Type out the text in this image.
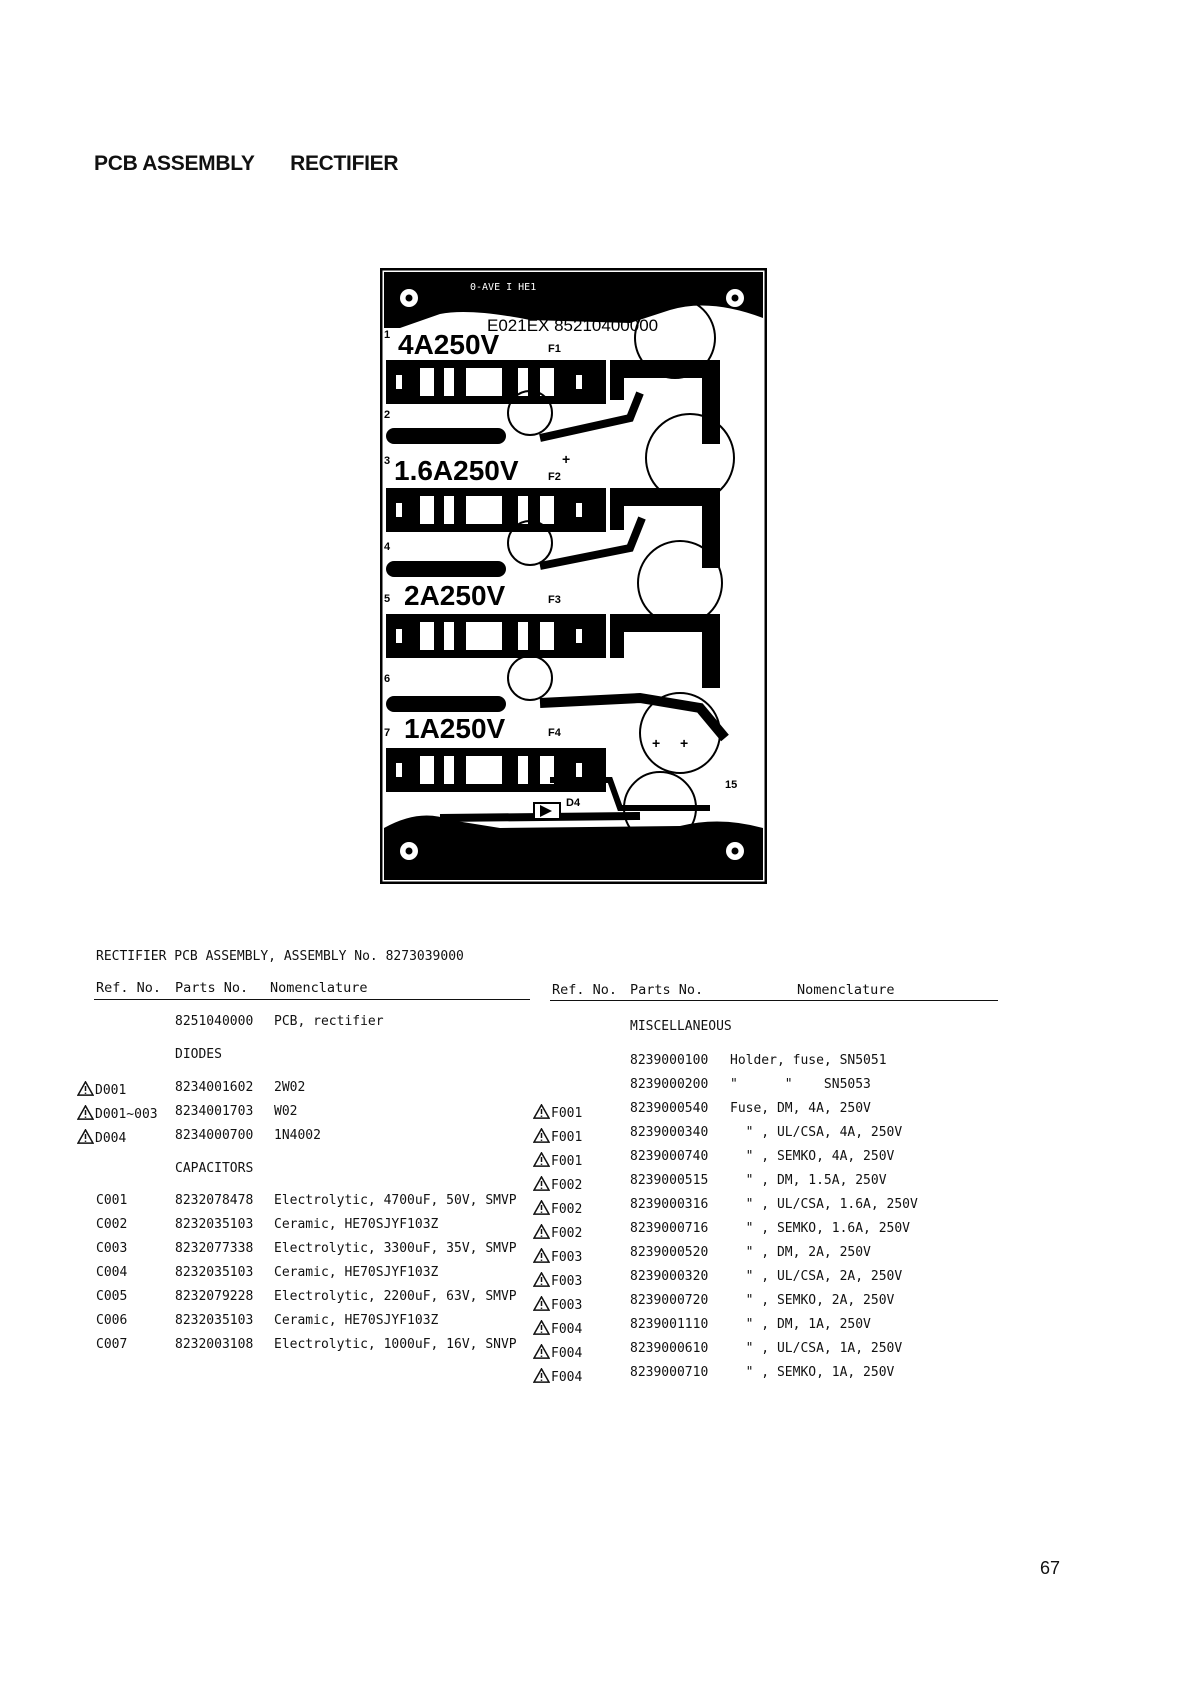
PCB ASSEMBLY RECTIFIER
0-AVE I HE1
E021EX 85210400000
4A250V	F1
1.6A250V	F2
2A250V	F3
1A250V	F4
D4
1
2
3
4
5
6
7
8
15
+
+
+ +
RECTIFIER PCB ASSEMBLY, ASSEMBLY No. 8273039000
Ref. No. Parts No. Nomenclature	Ref. No. Parts No.	Nomenclature
MISCELLANEOUS
8251040000 PCB, rectifier
DIODES
D001	8234001602 2W02
D001~003 8234001703 W02
D004	8234000700 1N4002
CAPACITORS
C001	8232078478 Electrolytic, 4700uF, 50V, SMVP
C002	8232035103 Ceramic, HE70SJYF103Z
C003	8232077338 Electrolytic, 3300uF, 35V, SMVP
C004	8232035103 Ceramic, HE70SJYF103Z
C005	8232079228 Electrolytic, 2200uF, 63V, SMVP
C006	8232035103 Ceramic, HE70SJYF103Z
C007	8232003108 Electrolytic, 1000uF, 16V, SNVP
8239000100 Holder, fuse, SN5051
8239000200 "      "    SN5053
F001	8239000540 Fuse, DM, 4A, 250V
F001	8239000340 " , UL/CSA, 4A, 250V
F001	8239000740 " , SEMKO, 4A, 250V
F002	8239000515 " , DM, 1.5A, 250V
F002	8239000316 " , UL/CSA, 1.6A, 250V
F002	8239000716 " , SEMKO, 1.6A, 250V
F003	8239000520 " , DM, 2A, 250V
F003	8239000320 " , UL/CSA, 2A, 250V
F003	8239000720 " , SEMKO, 2A, 250V
F004	8239001110 " , DM, 1A, 250V
F004	8239000610 " , UL/CSA, 1A, 250V
F004	8239000710 " , SEMKO, 1A, 250V
67
